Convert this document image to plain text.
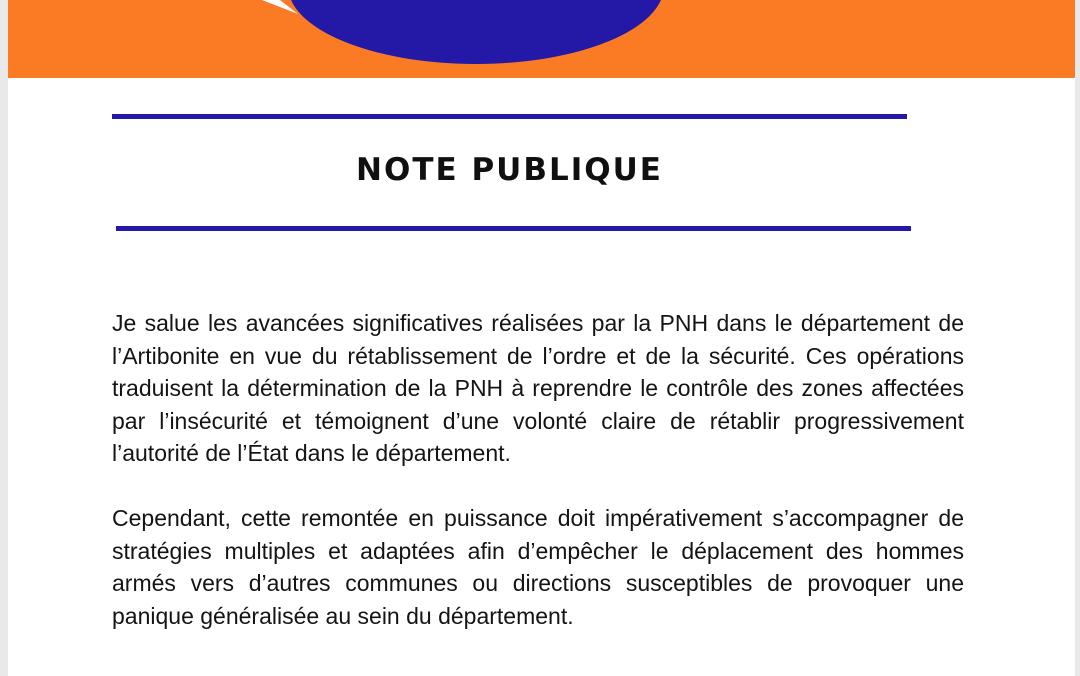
NOTE PUBLIQUE

Je salue les avancées significatives réalisées par la PNH dans le département de l’Artibonite en vue du rétablissement de l’ordre et de la sécurité. Ces opérations traduisent la détermination de la PNH à reprendre le contrôle des zones affectées par l’insécurité et témoignent d’une volonté claire de rétablir progressivement l’autorité de l’État dans le département.

Cependant, cette remontée en puissance doit impérativement s’accompagner de stratégies multiples et adaptées afin d’empêcher le déplacement des hommes armés vers d’autres communes ou directions susceptibles de provoquer une panique généralisée au sein du département.
